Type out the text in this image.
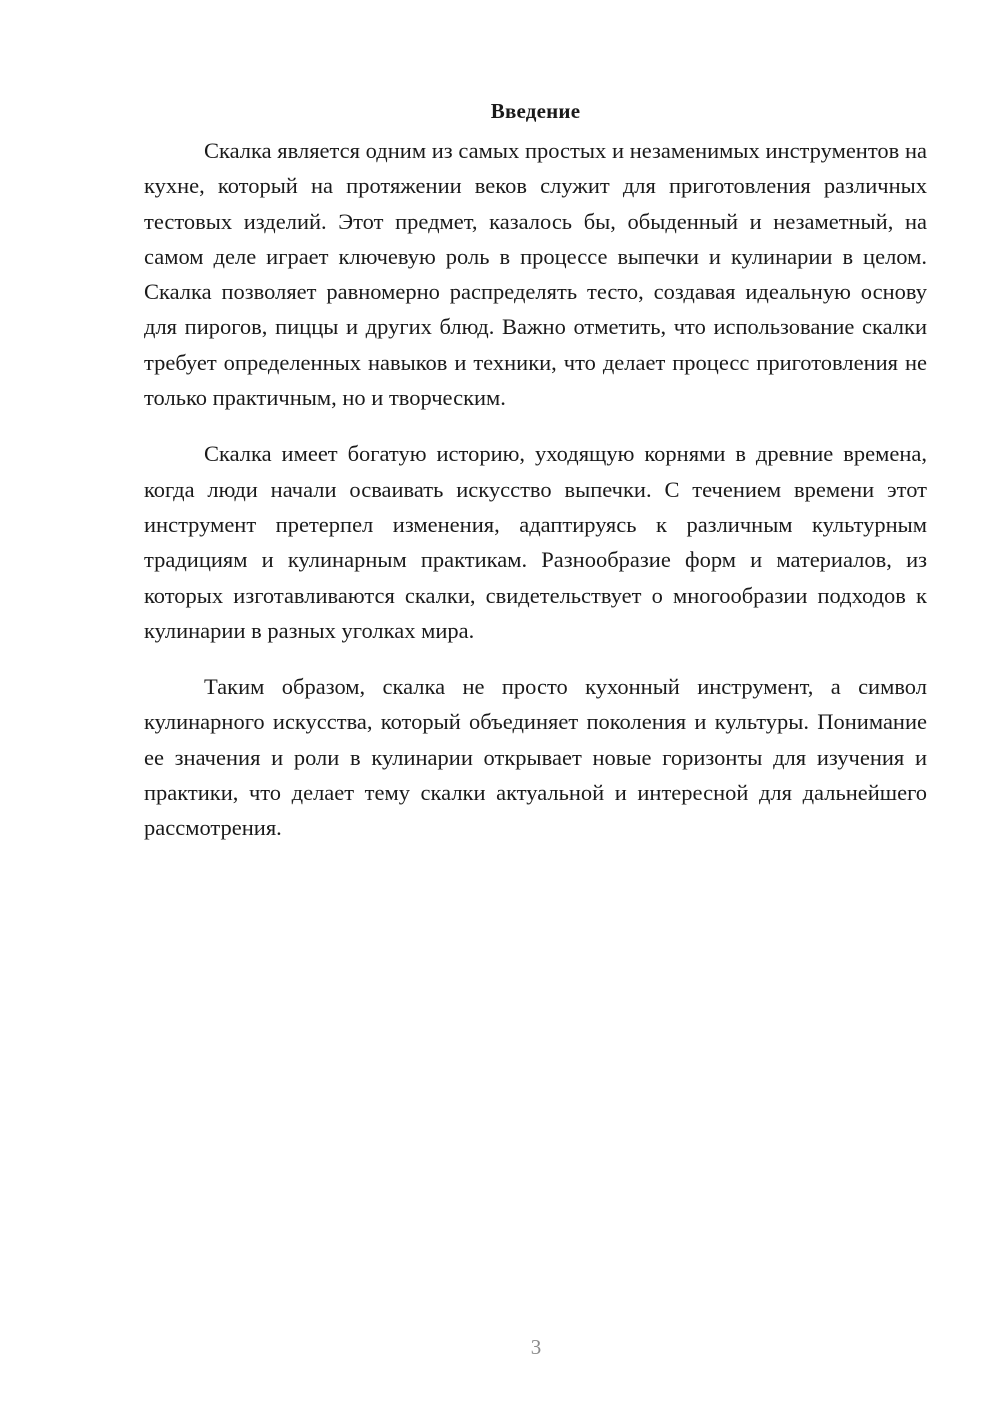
Введение

Скалка является одним из самых простых и незаменимых инструментов на кухне, который на протяжении веков служит для приготовления различных тестовых изделий. Этот предмет, казалось бы, обыденный и незаметный, на самом деле играет ключевую роль в процессе выпечки и кулинарии в целом. Скалка позволяет равномерно распределять тесто, создавая идеальную основу для пирогов, пиццы и других блюд. Важно отметить, что использование скалки требует определенных навыков и техники, что делает процесс приготовления не только практичным, но и творческим.

Скалка имеет богатую историю, уходящую корнями в древние времена, когда люди начали осваивать искусство выпечки. С течением времени этот инструмент претерпел изменения, адаптируясь к различным культурным традициям и кулинарным практикам. Разнообразие форм и материалов, из которых изготавливаются скалки, свидетельствует о многообразии подходов к кулинарии в разных уголках мира.

Таким образом, скалка не просто кухонный инструмент, а символ кулинарного искусства, который объединяет поколения и культуры. Понимание ее значения и роли в кулинарии открывает новые горизонты для изучения и практики, что делает тему скалки актуальной и интересной для дальнейшего рассмотрения.

3
